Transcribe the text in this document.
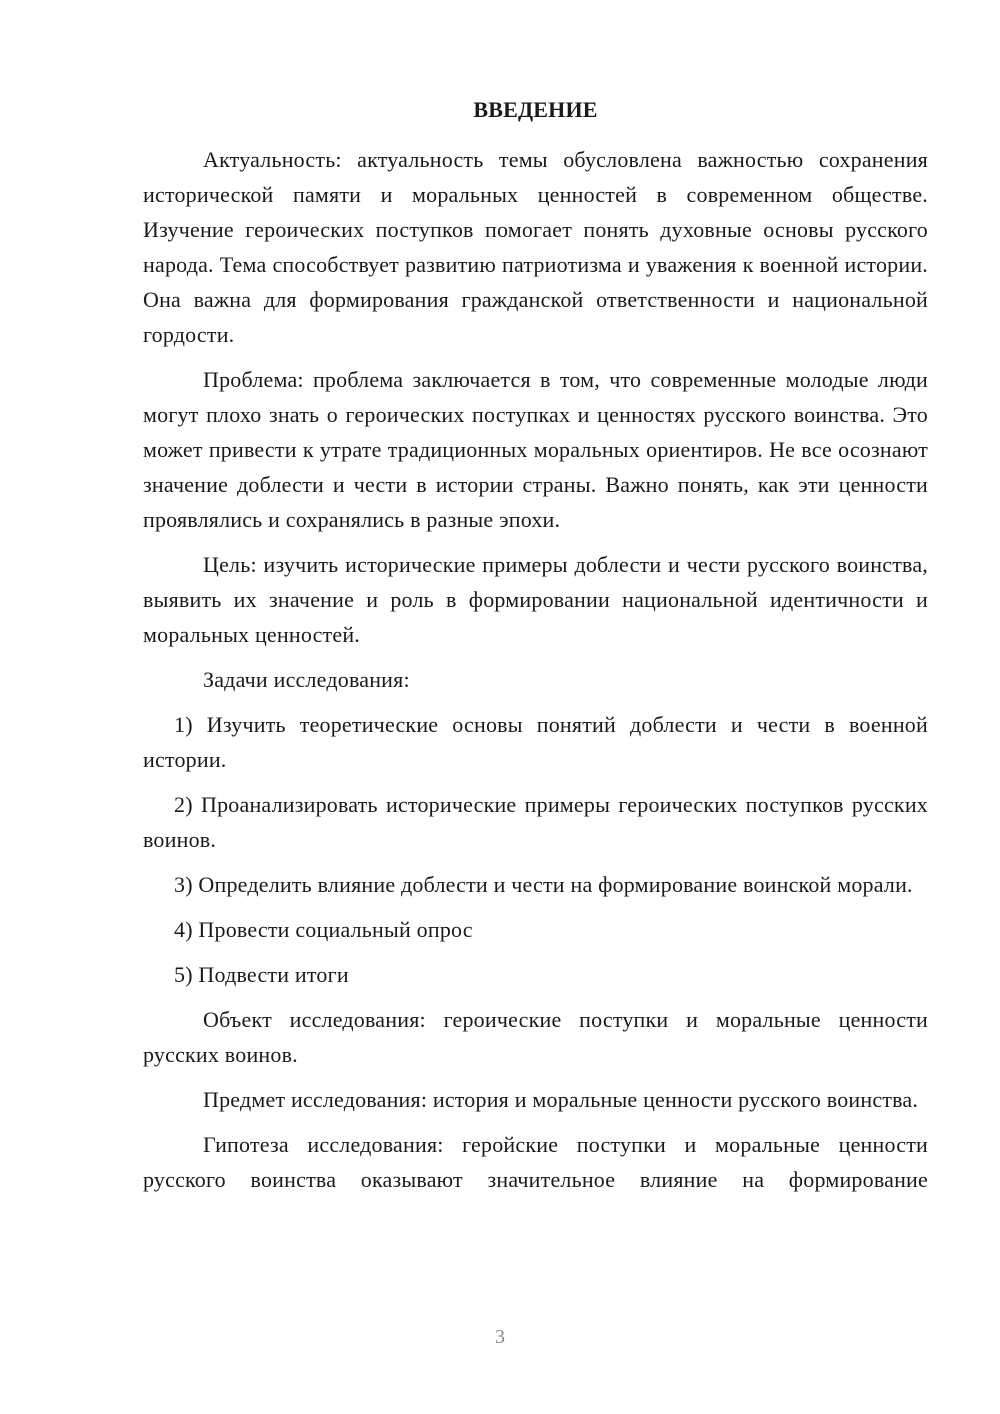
ВВЕДЕНИЕ

Актуальность: актуальность темы обусловлена важностью сохранения исторической памяти и моральных ценностей в современном обществе. Изучение героических поступков помогает понять духовные основы русского народа. Тема способствует развитию патриотизма и уважения к военной истории. Она важна для формирования гражданской ответственности и национальной гордости.

Проблема: проблема заключается в том, что современные молодые люди могут плохо знать о героических поступках и ценностях русского воинства. Это может привести к утрате традиционных моральных ориентиров. Не все осознают значение доблести и чести в истории страны. Важно понять, как эти ценности проявлялись и сохранялись в разные эпохи.

Цель: изучить исторические примеры доблести и чести русского воинства, выявить их значение и роль в формировании национальной идентичности и моральных ценностей.

Задачи исследования:

1) Изучить теоретические основы понятий доблести и чести в военной истории.

2) Проанализировать исторические примеры героических поступков русских воинов.

3) Определить влияние доблести и чести на формирование воинской морали.

4) Провести социальный опрос

5) Подвести итоги

Объект исследования: героические поступки и моральные ценности русских воинов.

Предмет исследования: история и моральные ценности русского воинства.

Гипотеза исследования: геройские поступки и моральные ценности русского воинства оказывают значительное влияние на формирование

3
